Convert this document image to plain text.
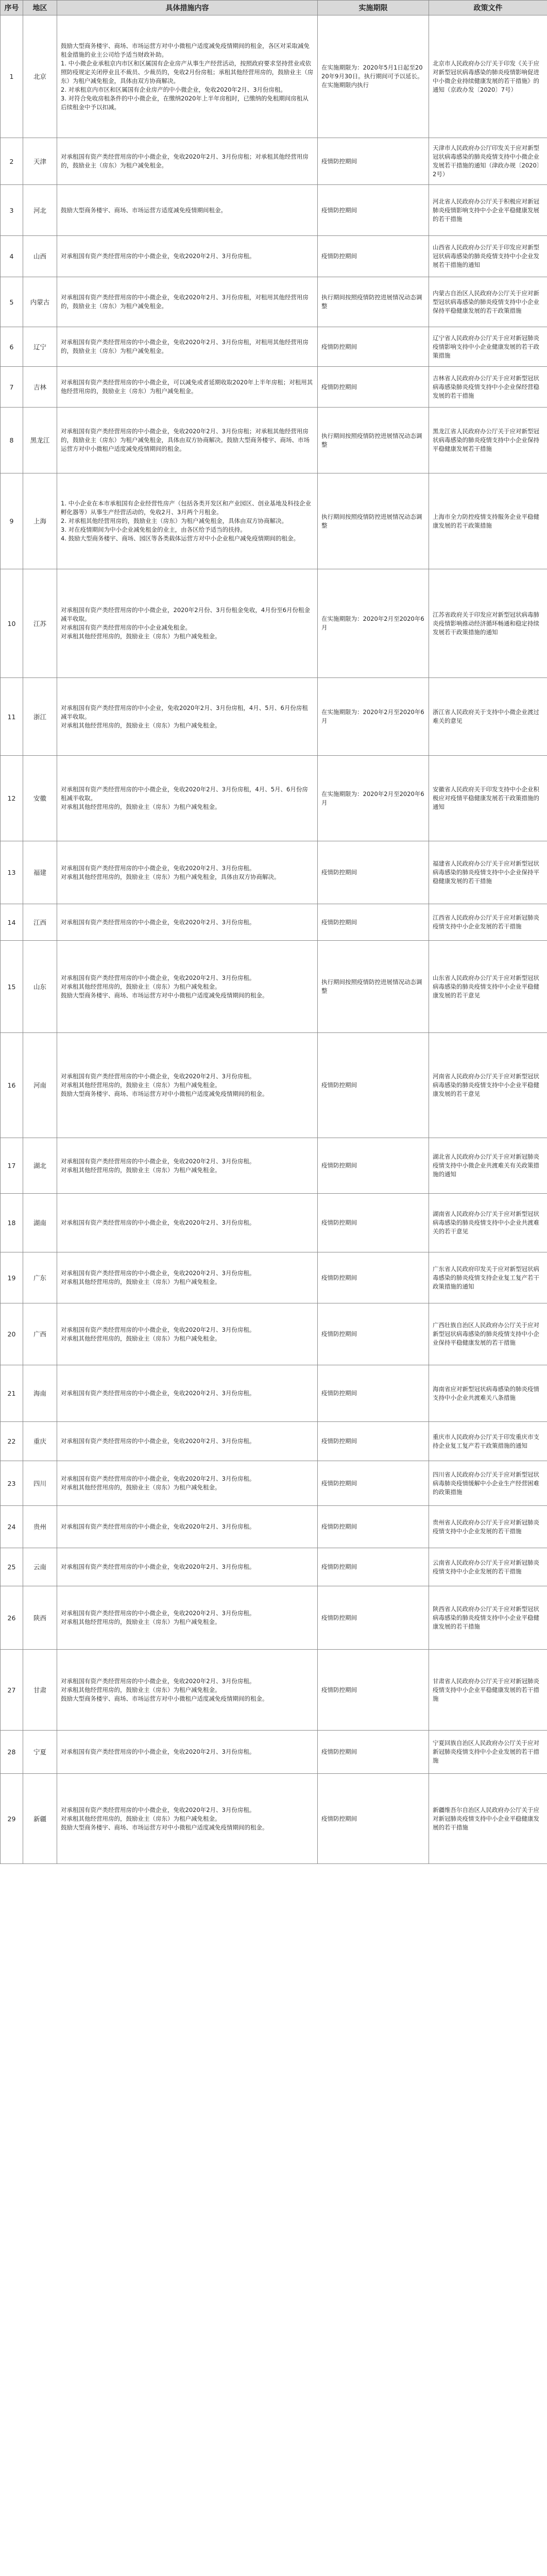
序号	地区	具体措施内容	实施期限	政策文件
1	北京	鼓励大型商务楼宇、商场、市场运营方对中小微租户适度减免疫情期间的租金，各区对采取减免租金措施的业主公司给予适当财政补助。

1. 中小微企业承租京内市区和区属国有企业房产从事生产经营活动，按照政府要求坚持营业或依照防疫规定关闭停业且不裁员、少裁员的，免收2月份房租；承租其他经营用房的，鼓励业主（房东）为租户减免租金，具体由双方协商解决。

2. 对承租京内市区和区属国有企业房产的中小微企业，免收2020年2月、3月份房租。

3. 对符合免收房租条件的中小微企业，在缴纳2020年上半年房租时，已缴纳的免租期间房租从后续租金中予以扣减。	在实施期限为：2020年5月1日起至2020年9月30日。执行期间可予以延长。在实施期限内执行	北京市人民政府办公厅关于印发《关于应对新型冠状病毒感染的肺炎疫情影响促进中小微企业持续健康发展的若干措施》的通知（京政办发〔2020〕7号）

2	天津	对承租国有资产类经营用房的中小微企业，免收2020年2月、3月份房租；对承租其他经营用房的，鼓励业主（房东）为租户减免租金。	疫情防控期间	天津市人民政府办公厅印发关于应对新型冠状病毒感染的肺炎疫情支持中小微企业发展若干措施的通知（津政办规〔2020〕2号）

3	河北	鼓励大型商务楼宇、商场、市场运营方适度减免疫情期间租金。	疫情防控期间	河北省人民政府办公厅关于积极应对新冠肺炎疫情影响支持中小企业平稳健康发展的若干措施

4	山西	对承租国有资产类经营用房的中小微企业，免收2020年2月、3月份房租。	疫情防控期间	山西省人民政府办公厅关于印发应对新型冠状病毒感染的肺炎疫情支持中小企业发展若干措施的通知

5	内蒙古	对承租国有资产类经营用房的中小微企业，免收2020年2月、3月份房租，对租用其他经营用房的，鼓励业主（房东）为租户减免租金。	执行期间按照疫情防控进展情况动态调整	内蒙古自治区人民政府办公厅关于应对新型冠状病毒感染的肺炎疫情支持中小企业保持平稳健康发展的若干政策措施

6	辽宁	对承租国有资产类经营用房的中小微企业，免收2020年2月、3月份房租，对租用其他经营用房的，鼓励业主（房东）为租户减免租金。	疫情防控期间	辽宁省人民政府办公厅关于应对新冠肺炎疫情影响支持中小企业健康发展的若干政策措施

7	吉林	对承租国有资产类经营用房的中小微企业，可以减免或者延期收取2020年上半年房租；对租用其他经营用房的，鼓励业主（房东）为租户减免租金。	疫情防控期间	吉林省人民政府办公厅关于应对新型冠状病毒感染肺炎疫情支持中小企业保经营稳发展的若干措施

8	黑龙江	对承租国有资产类经营用房的中小微企业，免收2020年2月、3月份房租；对承租其他经营用房的，鼓励业主（房东）为租户减免租金，具体由双方协商解决。鼓励大型商务楼宇、商场、市场运营方对中小微租户适度减免疫情期间的租金。	执行期间按照疫情防控进展情况动态调整	黑龙江省人民政府办公厅关于应对新型冠状病毒感染的肺炎疫情支持中小企业保持平稳健康发展若干措施

9	上海	1. 中小企业在本市承租国有企业经营性房产（包括各类开发区和产业园区、创业基地及科技企业孵化器等）从事生产经营活动的，免收2月、3月两个月租金。

2. 对承租其他经营用房的，鼓励业主（房东）为租户减免租金，具体由双方协商解决。

3. 对在疫情期间为中小企业减免租金的业主，由各区给予适当的扶持。

4. 鼓励大型商务楼宇、商场、园区等各类载体运营方对中小企业租户减免疫情期间的租金。	执行期间按照疫情防控进展情况动态调整	上海市全力防控疫情支持服务企业平稳健康发展的若干政策措施

10	江苏	对承租国有资产类经营用房的中小微企业，2020年2月份、3月份租金免收，4月份至6月份租金减半收取。

对承租国有资产类经营用房的中小企业减免租金。

对承租其他经营用房的，鼓励业主（房东）为租户减免租金。	在实施期限为：2020年2月至2020年6月	江苏省政府关于印发应对新型冠状病毒肺炎疫情影响推动经济循环畅通和稳定持续发展若干政策措施的通知

11	浙江	对承租国有资产类经营用房的中小企业，免收2020年2月、3月份房租，4月、5月、6月份房租减半收取。

对承租其他经营用房的，鼓励业主（房东）为租户减免租金。	在实施期限为：2020年2月至2020年6月	浙江省人民政府关于支持中小微企业渡过难关的意见

12	安徽	对承租国有资产类经营用房的中小微企业，免收2020年2月、3月份房租，4月、5月、6月份房租减半收取。

对承租其他经营用房的，鼓励业主（房东）为租户减免租金。	在实施期限为：2020年2月至2020年6月	安徽省人民政府关于印发支持中小企业积极应对疫情平稳健康发展若干政策措施的通知

13	福建	对承租国有资产类经营用房的中小微企业，免收2020年2月、3月份房租。

对承租其他经营用房的，鼓励业主（房东）为租户减免租金，具体由双方协商解决。	疫情防控期间	福建省人民政府办公厅关于应对新型冠状病毒感染的肺炎疫情支持中小企业保持平稳健康发展的若干措施

14	江西	对承租国有资产类经营用房的中小微企业，免收2020年2月、3月份房租。	疫情防控期间	江西省人民政府办公厅关于应对新冠肺炎疫情支持中小企业发展的若干措施

15	山东	对承租国有资产类经营用房的中小微企业，免收2020年2月、3月份房租。

对承租其他经营用房的，鼓励业主（房东）为租户减免租金。

鼓励大型商务楼宇、商场、市场运营方对中小微租户适度减免疫情期间的租金。	执行期间按照疫情防控进展情况动态调整	山东省人民政府办公厅关于应对新型冠状病毒感染的肺炎疫情支持中小企业平稳健康发展的若干意见

16	河南	对承租国有资产类经营用房的中小微企业，免收2020年2月、3月份房租。

对承租其他经营用房的，鼓励业主（房东）为租户减免租金。

鼓励大型商务楼宇、商场、市场运营方对中小微租户适度减免疫情期间的租金。	疫情防控期间	河南省人民政府办公厅关于应对新型冠状病毒感染的肺炎疫情支持中小企业平稳健康发展的若干意见

17	湖北	对承租国有资产类经营用房的中小微企业，免收2020年2月、3月份房租。

对承租其他经营用房的，鼓励业主（房东）为租户减免租金。	疫情防控期间	湖北省人民政府办公厅关于应对新冠肺炎疫情支持中小微企业共渡难关有关政策措施的通知

18	湖南	对承租国有资产类经营用房的中小微企业，免收2020年2月、3月份房租。	疫情防控期间	湖南省人民政府办公厅关于应对新型冠状病毒感染的肺炎疫情支持中小企业共渡难关的若干意见

19	广东	对承租国有资产类经营用房的中小微企业，免收2020年2月、3月份房租。

对承租其他经营用房的，鼓励业主（房东）为租户减免租金。	疫情防控期间	广东省人民政府印发关于应对新型冠状病毒感染的肺炎疫情支持企业复工复产若干政策措施的通知

20	广西	对承租国有资产类经营用房的中小微企业，免收2020年2月、3月份房租。

对承租其他经营用房的，鼓励业主（房东）为租户减免租金。	疫情防控期间	广西壮族自治区人民政府办公厅关于应对新型冠状病毒感染的肺炎疫情支持中小企业保持平稳健康发展的若干措施

21	海南	对承租国有资产类经营用房的中小微企业，免收2020年2月、3月份房租。	疫情防控期间	海南省应对新型冠状病毒感染的肺炎疫情支持中小企业共渡难关八条措施

22	重庆	对承租国有资产类经营用房的中小微企业，免收2020年2月、3月份房租。	疫情防控期间	重庆市人民政府办公厅关于印发重庆市支持企业复工复产若干政策措施的通知

23	四川	对承租国有资产类经营用房的中小微企业，免收2020年2月、3月份房租。

对承租其他经营用房的，鼓励业主（房东）为租户减免租金。	疫情防控期间	四川省人民政府办公厅关于应对新型冠状病毒肺炎疫情缓解中小企业生产经营困难的政策措施

24	贵州	对承租国有资产类经营用房的中小微企业，免收2020年2月、3月份房租。	疫情防控期间	贵州省人民政府办公厅关于应对新冠肺炎疫情支持中小企业发展的若干措施

25	云南	对承租国有资产类经营用房的中小微企业，免收2020年2月、3月份房租。	疫情防控期间	云南省人民政府办公厅关于应对新冠肺炎疫情支持中小企业发展的若干措施

26	陕西	对承租国有资产类经营用房的中小微企业，免收2020年2月、3月份房租。

对承租其他经营用房的，鼓励业主（房东）为租户减免租金。	疫情防控期间	陕西省人民政府办公厅关于应对新型冠状病毒感染的肺炎疫情支持中小企业平稳健康发展的若干措施

27	甘肃	对承租国有资产类经营用房的中小微企业，免收2020年2月、3月份房租。

对承租其他经营用房的，鼓励业主（房东）为租户减免租金。

鼓励大型商务楼宇、商场、市场运营方对中小微租户适度减免疫情期间的租金。	疫情防控期间	甘肃省人民政府办公厅关于应对新冠肺炎疫情支持中小企业平稳健康发展的若干措施

28	宁夏	对承租国有资产类经营用房的中小微企业，免收2020年2月、3月份房租。	疫情防控期间	宁夏回族自治区人民政府办公厅关于应对新冠肺炎疫情支持中小企业发展的若干措施

29	新疆	对承租国有资产类经营用房的中小微企业，免收2020年2月、3月份房租。

对承租其他经营用房的，鼓励业主（房东）为租户减免租金。

鼓励大型商务楼宇、商场、市场运营方对中小微租户适度减免疫情期间的租金。	疫情防控期间	新疆维吾尔自治区人民政府办公厅关于应对新冠肺炎疫情支持中小企业平稳健康发展的若干措施
